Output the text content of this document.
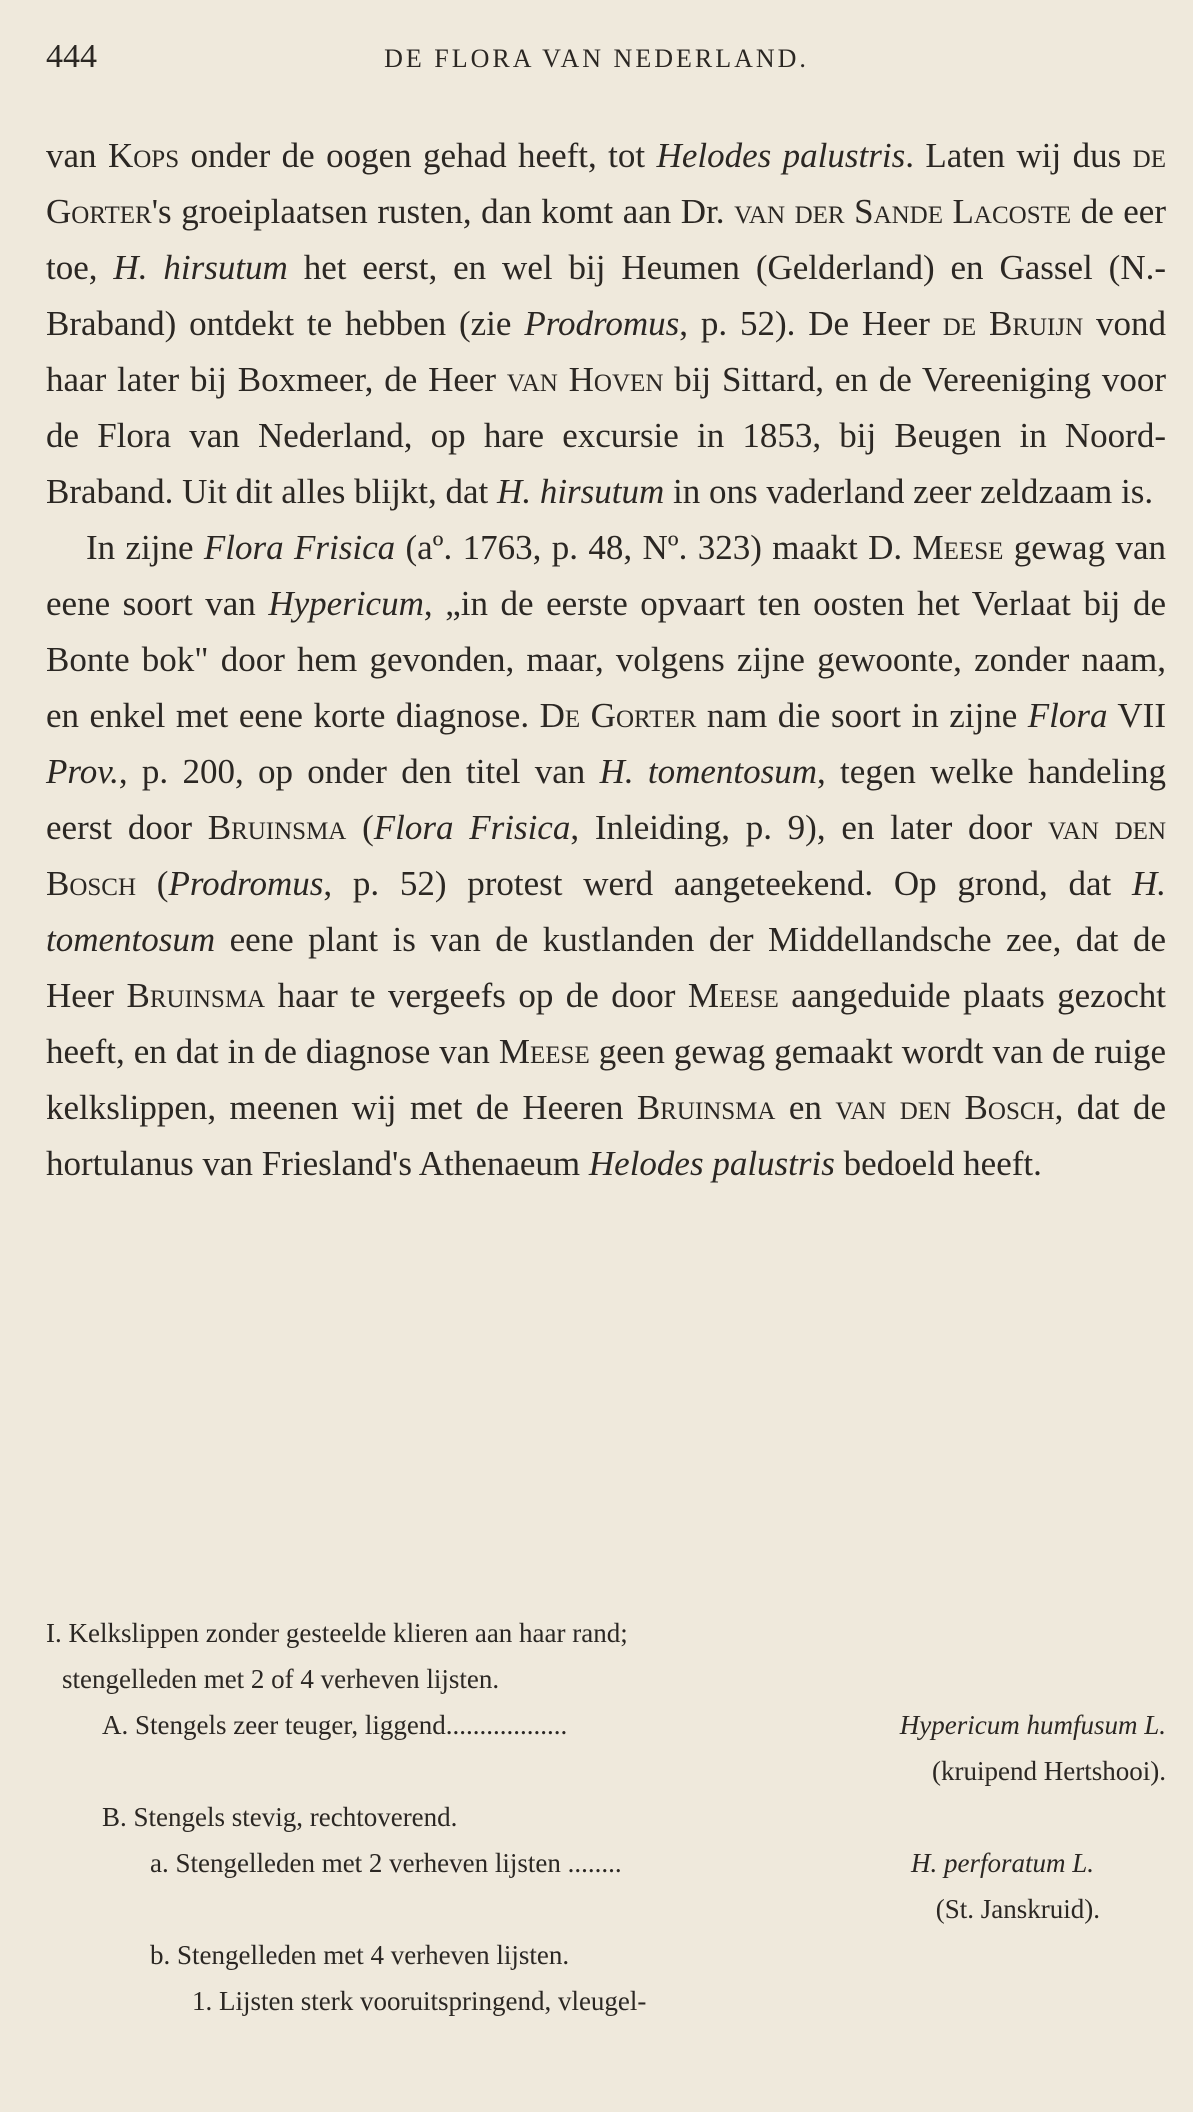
444	DE FLORA VAN NEDERLAND.

van Kops onder de oogen gehad heeft, tot Helodes palustris. Laten wij dus de Gorter's groeiplaatsen rusten, dan komt aan Dr. van der Sande Lacoste de eer toe, H. hirsutum het eerst, en wel bij Heumen (Gelderland) en Gassel (N.-Braband) ontdekt te hebben (zie Prodromus, p. 52). De Heer de Bruijn vond haar later bij Boxmeer, de Heer van Hoven bij Sittard, en de Vereeniging voor de Flora van Nederland, op hare excursie in 1853, bij Beugen in Noord-Braband. Uit dit alles blijkt, dat H. hirsutum in ons vaderland zeer zeldzaam is.

In zijne Flora Frisica (aº. 1763, p. 48, Nº. 323) maakt D. Meese gewag van eene soort van Hypericum, „in de eerste opvaart ten oosten het Verlaat bij de Bonte bok" door hem gevonden, maar, volgens zijne gewoonte, zonder naam, en enkel met eene korte diagnose. De Gorter nam die soort in zijne Flora VII Prov., p. 200, op onder den titel van H. tomentosum, tegen welke handeling eerst door Bruinsma (Flora Frisica, Inleiding, p. 9), en later door van den Bosch (Prodromus, p. 52) protest werd aangeteekend. Op grond, dat H. tomentosum eene plant is van de kustlanden der Middellandsche zee, dat de Heer Bruinsma haar te vergeefs op de door Meese aangeduide plaats gezocht heeft, en dat in de diagnose van Meese geen gewag gemaakt wordt van de ruige kelkslippen, meenen wij met de Heeren Bruinsma en van den Bosch, dat de hortulanus van Friesland's Athenaeum Helodes palustris bedoeld heeft.

I. Kelkslippen zonder gesteelde klieren aan haar rand;
stengelleden met 2 of 4 verheven lijsten.
A. Stengels zeer teuger, liggend..................	Hypericum humfusum L.
(kruipend Hertshooi).
B. Stengels stevig, rechtoverend.
a. Stengelleden met 2 verheven lijsten ........	H. perforatum L.
(St. Janskruid).
b. Stengelleden met 4 verheven lijsten.
1. Lijsten sterk vooruitspringend, vleugel-
